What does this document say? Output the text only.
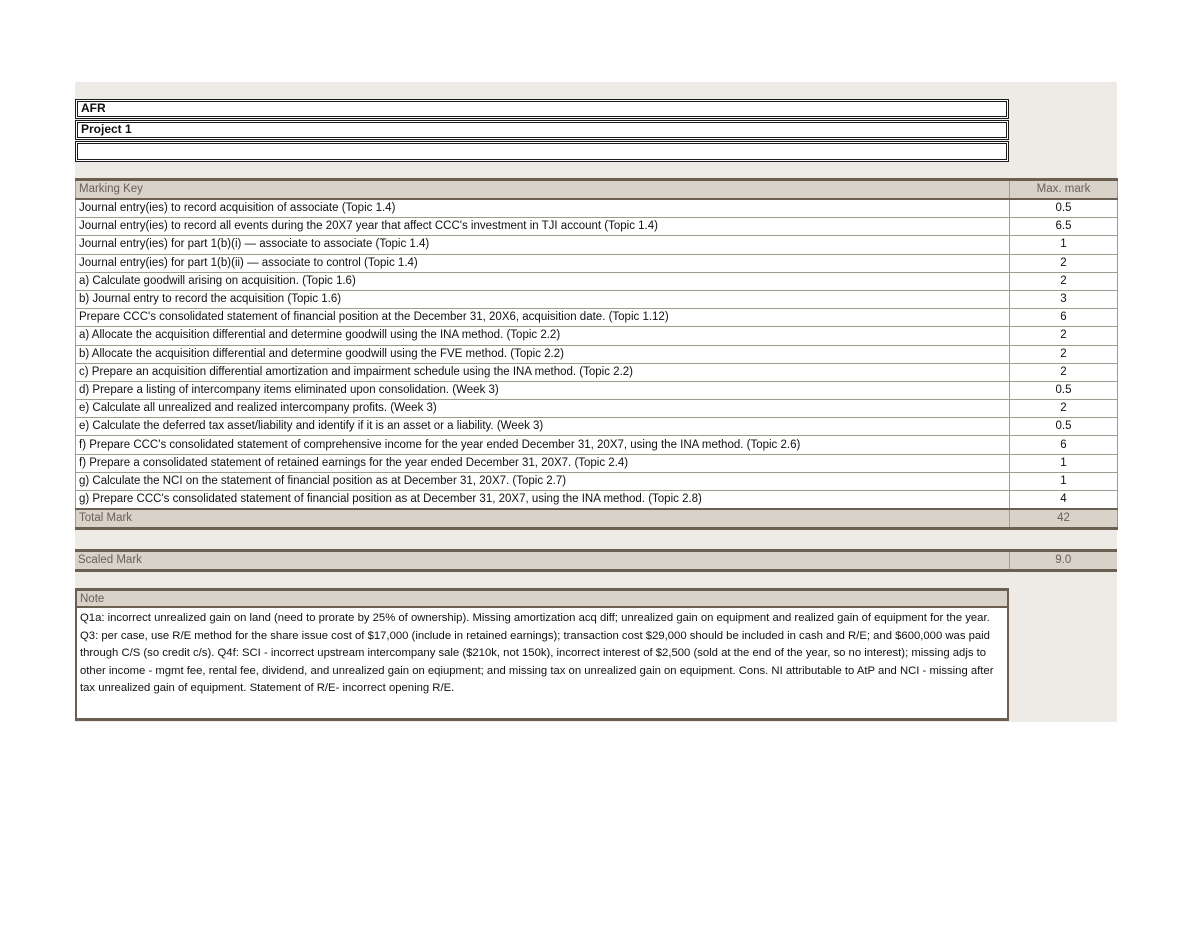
AFR
Project 1
Marking Key	Max. mark
Journal entry(ies) to record acquisition of associate (Topic 1.4)	0.5
Journal entry(ies) to record all events during the 20X7 year that affect CCC's investment in TJI account (Topic 1.4)	6.5
Journal entry(ies) for part 1(b)(i) — associate to associate (Topic 1.4)	1
Journal entry(ies) for part 1(b)(ii) — associate to control (Topic 1.4)	2
a) Calculate goodwill arising on acquisition. (Topic 1.6)	2
b) Journal entry to record the acquisition (Topic 1.6)	3
Prepare CCC's consolidated statement of financial position at the December 31, 20X6, acquisition date. (Topic 1.12)	6
a) Allocate the acquisition differential and determine goodwill using the INA method. (Topic 2.2)	2
b) Allocate the acquisition differential and determine goodwill using the FVE method. (Topic 2.2)	2
c) Prepare an acquisition differential amortization and impairment schedule using the INA method. (Topic 2.2)	2
d) Prepare a listing of intercompany items eliminated upon consolidation. (Week 3)	0.5
e) Calculate all unrealized and realized intercompany profits. (Week 3)	2
e) Calculate the deferred tax asset/liability and identify if it is an asset or a liability. (Week 3)	0.5
f) Prepare CCC's consolidated statement of comprehensive income for the year ended December 31, 20X7, using the INA method. (Topic 2.6)	6
f) Prepare a consolidated statement of retained earnings for the year ended December 31, 20X7. (Topic 2.4)	1
g) Calculate the NCI on the statement of financial position as at December 31, 20X7. (Topic 2.7)	1
g) Prepare CCC's consolidated statement of financial position as at December 31, 20X7, using the INA method. (Topic 2.8)	4
Total Mark	42
Scaled Mark	9.0
Note
Q1a: incorrect unrealized gain on land (need to prorate by 25% of ownership). Missing amortization acq diff; unrealized gain on equipment and realized gain of equipment for the year. Q3: per case, use R/E method for the share issue cost of $17,000 (include in retained earnings); transaction cost $29,000 should be included in cash and R/E; and $600,000 was paid through C/S (so credit c/s). Q4f: SCI - incorrect upstream intercompany sale ($210k, not 150k), incorrect interest of $2,500 (sold at the end of the year, so no interest); missing adjs to other income - mgmt fee, rental fee, dividend, and unrealized gain on eqiupment; and missing tax on unrealized gain on equipment. Cons. NI attributable to AtP and NCI - missing after tax unrealized gain of equipment. Statement of R/E- incorrect opening R/E.
